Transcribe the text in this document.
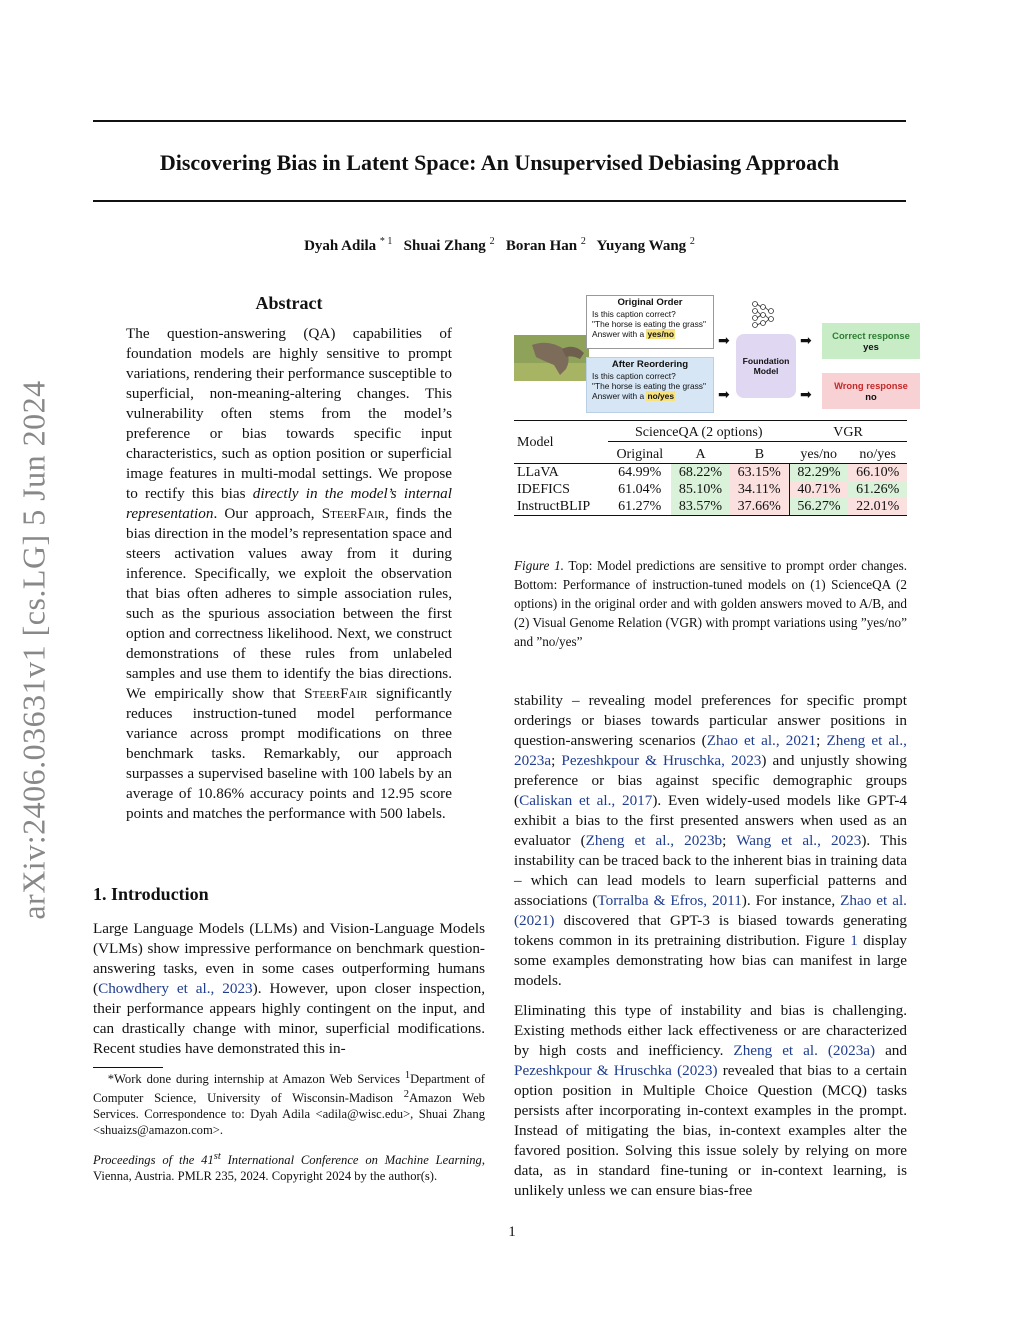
Discovering Bias in Latent Space: An Unsupervised Debiasing Approach
Dyah Adila $^{* 1}$ Shuai Zhang $^2$ Boran Han $^2$ Yuyang Wang $^2$
arXiv:2406.03631v1 [cs.LG] 5 Jun 2024
Abstract
The question-answering (QA) capabilities of foundation models are highly sensitive to prompt variations, rendering their performance susceptible to superficial, non-meaning-altering changes. This vulnerability often stems from the model’s preference or bias towards specific input characteristics, such as option position or superficial image features in multi-modal settings. We propose to rectify this bias directly in the model’s internal representation. Our approach, SteerFair, finds the bias direction in the model’s representation space and steers activation values away from it during inference. Specifically, we exploit the observation that bias often adheres to simple association rules, such as the spurious association between the first option and correctness likelihood. Next, we construct demonstrations of these rules from unlabeled samples and use them to identify the bias directions. We empirically show that SteerFair significantly reduces instruction-tuned model performance variance across prompt modifications on three benchmark tasks. Remarkably, our approach surpasses a supervised baseline with 100 labels by an average of 10.86% accuracy points and 12.95 score points and matches the performance with 500 labels.
1. Introduction
Large Language Models (LLMs) and Vision-Language Models (VLMs) show impressive performance on benchmark question-answering tasks, even in some cases outperforming humans (Chowdhery et al., 2023). However, upon closer inspection, their performance appears highly contingent on the input, and can drastically change with minor, superficial modifications. Recent studies have demonstrated this in-
*Work done during internship at Amazon Web Services $^1$Department of Computer Science, University of Wisconsin-Madison $^2$Amazon Web Services. Correspondence to: Dyah Adila <adila@wisc.edu>, Shuai Zhang <shuaizs@amazon.com>.
Proceedings of the 41st International Conference on Machine Learning, Vienna, Austria. PMLR 235, 2024. Copyright 2024 by the author(s).
Original Order
Is this caption correct?
"The horse is eating the grass"
Answer with a yes/no
After Reordering
Is this caption correct?
"The horse is eating the grass"
Answer with a no/yes
➡
➡
Foundation Model
➡
➡
Correct response
yes
Wrong response
no
Model	ScienceQA (2 options)			VGR	
	Original	A	B	yes/no	no/yes
LLaVA	64.99%	68.22%	63.15%	82.29%	66.10%
IDEFICS	61.04%	85.10%	34.11%	40.71%	61.26%
InstructBLIP	61.27%	83.57%	37.66%	56.27%	22.01%
Figure 1. Top: Model predictions are sensitive to prompt order changes. Bottom: Performance of instruction-tuned models on (1) ScienceQA (2 options) in the original order and with golden answers moved to A/B, and (2) Visual Genome Relation (VGR) with prompt variations using ”yes/no” and ”no/yes”
stability – revealing model preferences for specific prompt orderings or biases towards particular answer positions in question-answering scenarios (Zhao et al., 2021; Zheng et al., 2023a; Pezeshkpour & Hruschka, 2023) and unjustly showing preference or bias against specific demographic groups (Caliskan et al., 2017). Even widely-used models like GPT-4 exhibit a bias to the first presented answers when used as an evaluator (Zheng et al., 2023b; Wang et al., 2023). This instability can be traced back to the inherent bias in training data – which can lead models to learn superficial patterns and associations (Torralba & Efros, 2011). For instance, Zhao et al. (2021) discovered that GPT-3 is biased towards generating tokens common in its pretraining distribution. Figure 1 display some examples demonstrating how bias can manifest in large models.
Eliminating this type of instability and bias is challenging. Existing methods either lack effectiveness or are characterized by high costs and inefficiency. Zheng et al. (2023a) and Pezeshkpour & Hruschka (2023) revealed that bias to a certain option position in Multiple Choice Question (MCQ) tasks persists after incorporating in-context examples in the prompt. Instead of mitigating the bias, in-context examples alter the favored position. Solving this issue solely by relying on more data, as in standard fine-tuning or in-context learning, is unlikely unless we can ensure bias-free
1
